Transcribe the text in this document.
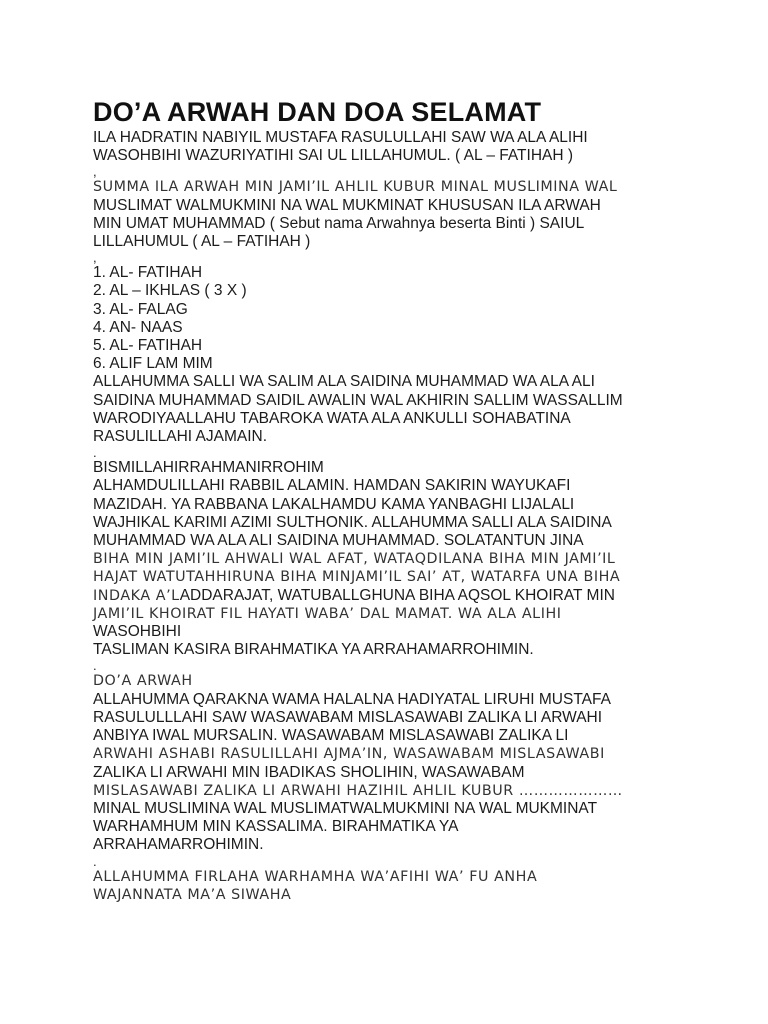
DO’A ARWAH DAN DOA SELAMAT
ILA HADRATIN NABIYIL MUSTAFA RASULULLAHI SAW WA ALA ALIHI
WASOHBIHI WAZURIYATIHI SAI UL LILLAHUMUL. ( AL – FATIHAH )
,
SUMMA ILA ARWAH MIN JAMI’IL AHLIL KUBUR MINAL MUSLIMINA WAL
MUSLIMAT WALMUKMINI NA WAL MUKMINAT KHUSUSAN ILA ARWAH
MIN UMAT MUHAMMAD ( Sebut nama Arwahnya beserta Binti ) SAIUL
LILLAHUMUL ( AL – FATIHAH )
,
1. AL- FATIHAH
2. AL – IKHLAS ( 3 X )
3. AL- FALAG
4. AN- NAAS
5. AL- FATIHAH
6. ALIF LAM MIM
ALLAHUMMA SALLI WA SALIM ALA SAIDINA MUHAMMAD WA ALA ALI
SAIDINA MUHAMMAD SAIDIL AWALIN WAL AKHIRIN SALLIM WASSALLIM
WARODIYAALLAHU TABAROKA WATA ALA ANKULLI SOHABATINA
RASULILLAHI AJAMAIN.
.
BISMILLAHIRRAHMANIRROHIM
ALHAMDULILLAHI RABBIL ALAMIN. HAMDAN SAKIRIN WAYUKAFI
MAZIDAH. YA RABBANA LAKALHAMDU KAMA YANBAGHI LIJALALI
WAJHIKAL KARIMI AZIMI SULTHONIK. ALLAHUMMA SALLI ALA SAIDINA
MUHAMMAD WA ALA ALI SAIDINA MUHAMMAD. SOLATANTUN JINA
BIHA MIN JAMI’IL AHWALI WAL AFAT, WATAQDILANA BIHA MIN JAMI’IL
HAJAT WATUTAHHIRUNA BIHA MINJAMI’IL SAI’ AT, WATARFA UNA BIHA
INDAKA A’LADDARAJAT, WATUBALLGHUNA BIHA AQSOL KHOIRAT MIN
JAMI’IL KHOIRAT FIL HAYATI WABA’ DAL MAMAT. WA ALA ALIHI
WASOHBIHI
TASLIMAN KASIRA BIRAHMATIKA YA ARRAHAMARROHIMIN.
.
DO’A ARWAH
ALLAHUMMA QARAKNA WAMA HALALNA HADIYATAL LIRUHI MUSTAFA
RASULULLLAHI SAW WASAWABAM MISLASAWABI ZALIKA LI ARWAHI
ANBIYA IWAL MURSALIN. WASAWABAM MISLASAWABI ZALIKA LI
ARWAHI ASHABI RASULILLAHI AJMA’IN, WASAWABAM MISLASAWABI
ZALIKA LI ARWAHI MIN IBADIKAS SHOLIHIN, WASAWABAM
MISLASAWABI ZALIKA LI ARWAHI HAZIHIL AHLIL KUBUR …………………
MINAL MUSLIMINA WAL MUSLIMATWALMUKMINI NA WAL MUKMINAT
WARHAMHUM MIN KASSALIMA. BIRAHMATIKA YA
ARRAHAMARROHIMIN.
.
ALLAHUMMA FIRLAHA WARHAMHA WA’AFIHI WA’ FU ANHA
WAJANNATA MA’A SIWAHA
